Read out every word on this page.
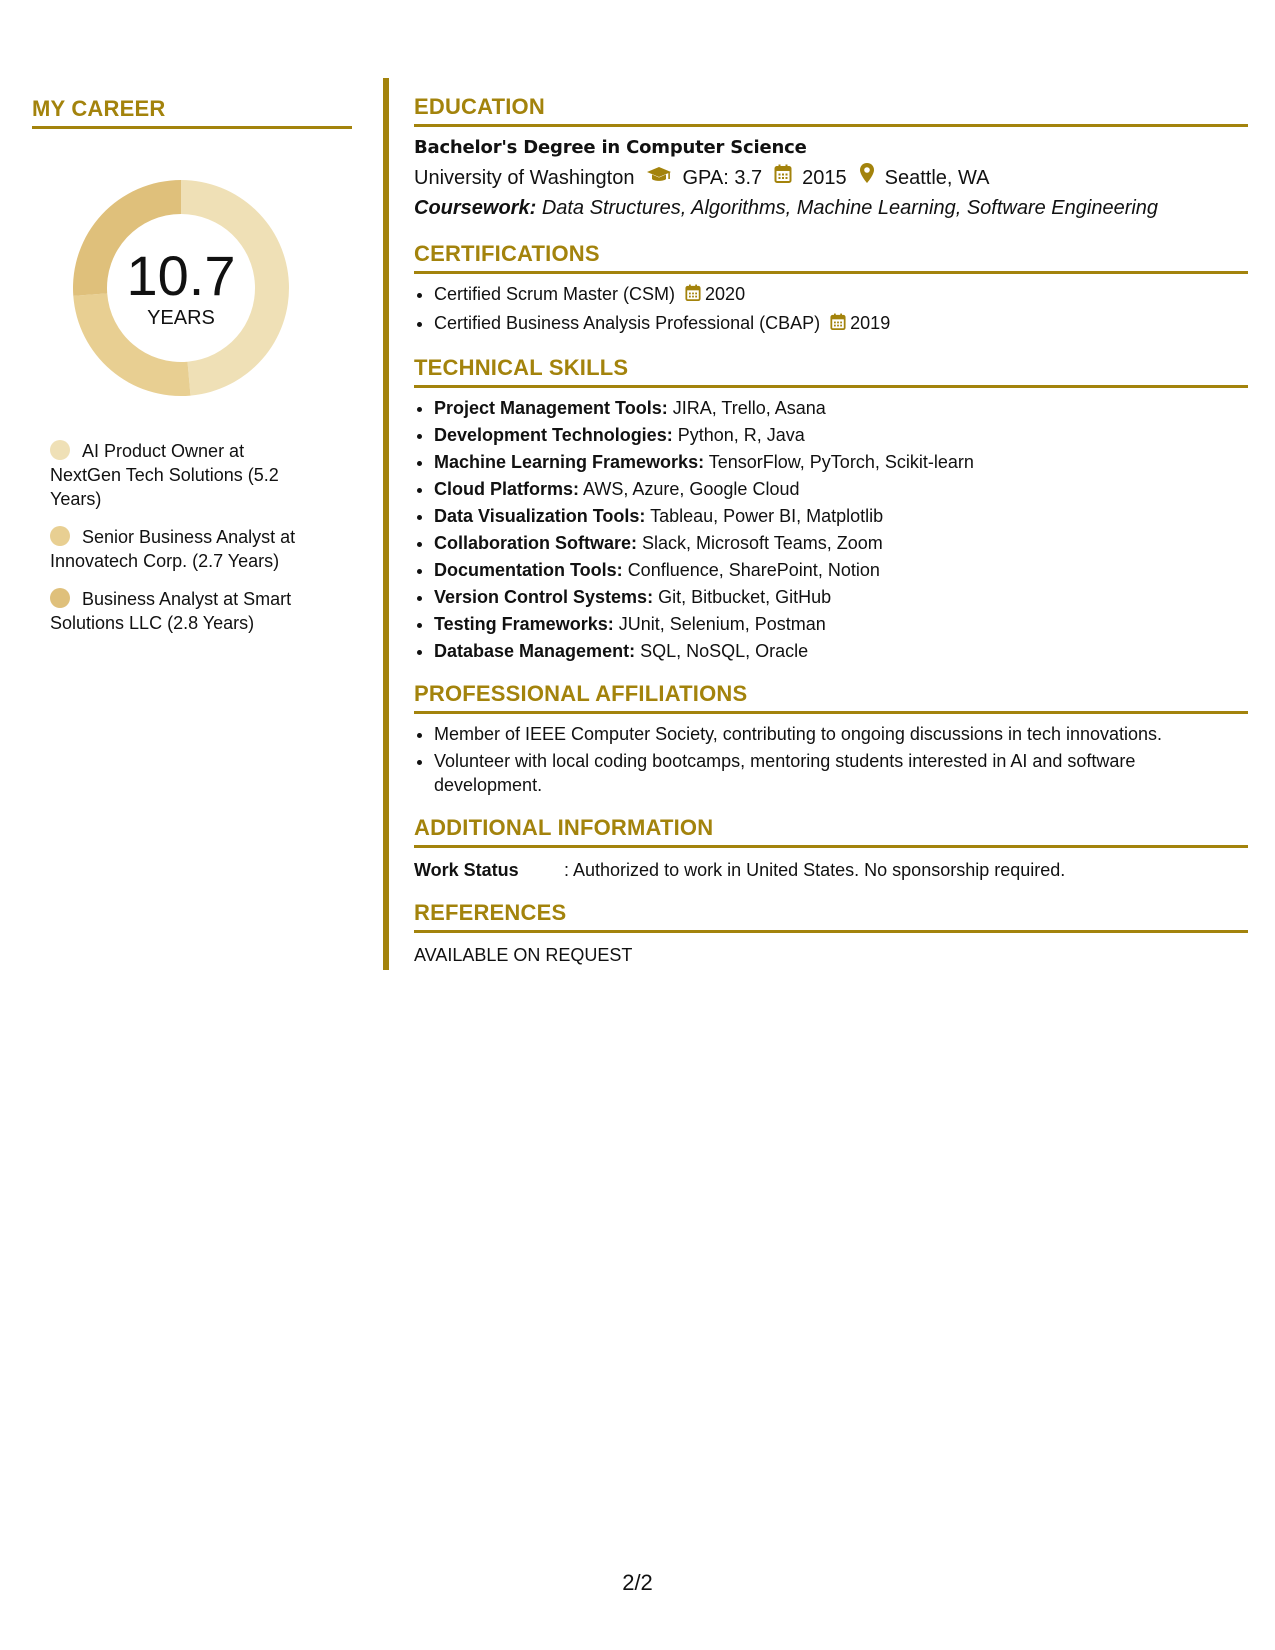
MY CAREER
10.7
YEARS
AI Product Owner at NextGen Tech Solutions (5.2 Years)
Senior Business Analyst at Innovatech Corp. (2.7 Years)
Business Analyst at Smart Solutions LLC (2.8 Years)
EDUCATION
Bachelor's Degree in Computer Science
University of Washington GPA: 3.7 2015 Seattle, WA
Coursework: Data Structures, Algorithms, Machine Learning, Software Engineering
CERTIFICATIONS
• Certified Scrum Master (CSM) 2020
• Certified Business Analysis Professional (CBAP) 2019
TECHNICAL SKILLS
• Project Management Tools: JIRA, Trello, Asana
• Development Technologies: Python, R, Java
• Machine Learning Frameworks: TensorFlow, PyTorch, Scikit-learn
• Cloud Platforms: AWS, Azure, Google Cloud
• Data Visualization Tools: Tableau, Power BI, Matplotlib
• Collaboration Software: Slack, Microsoft Teams, Zoom
• Documentation Tools: Confluence, SharePoint, Notion
• Version Control Systems: Git, Bitbucket, GitHub
• Testing Frameworks: JUnit, Selenium, Postman
• Database Management: SQL, NoSQL, Oracle
PROFESSIONAL AFFILIATIONS
• Member of IEEE Computer Society, contributing to ongoing discussions in tech innovations.
• Volunteer with local coding bootcamps, mentoring students interested in AI and software development.
ADDITIONAL INFORMATION
Work Status	: Authorized to work in United States. No sponsorship required.
REFERENCES
AVAILABLE ON REQUEST
2/2
